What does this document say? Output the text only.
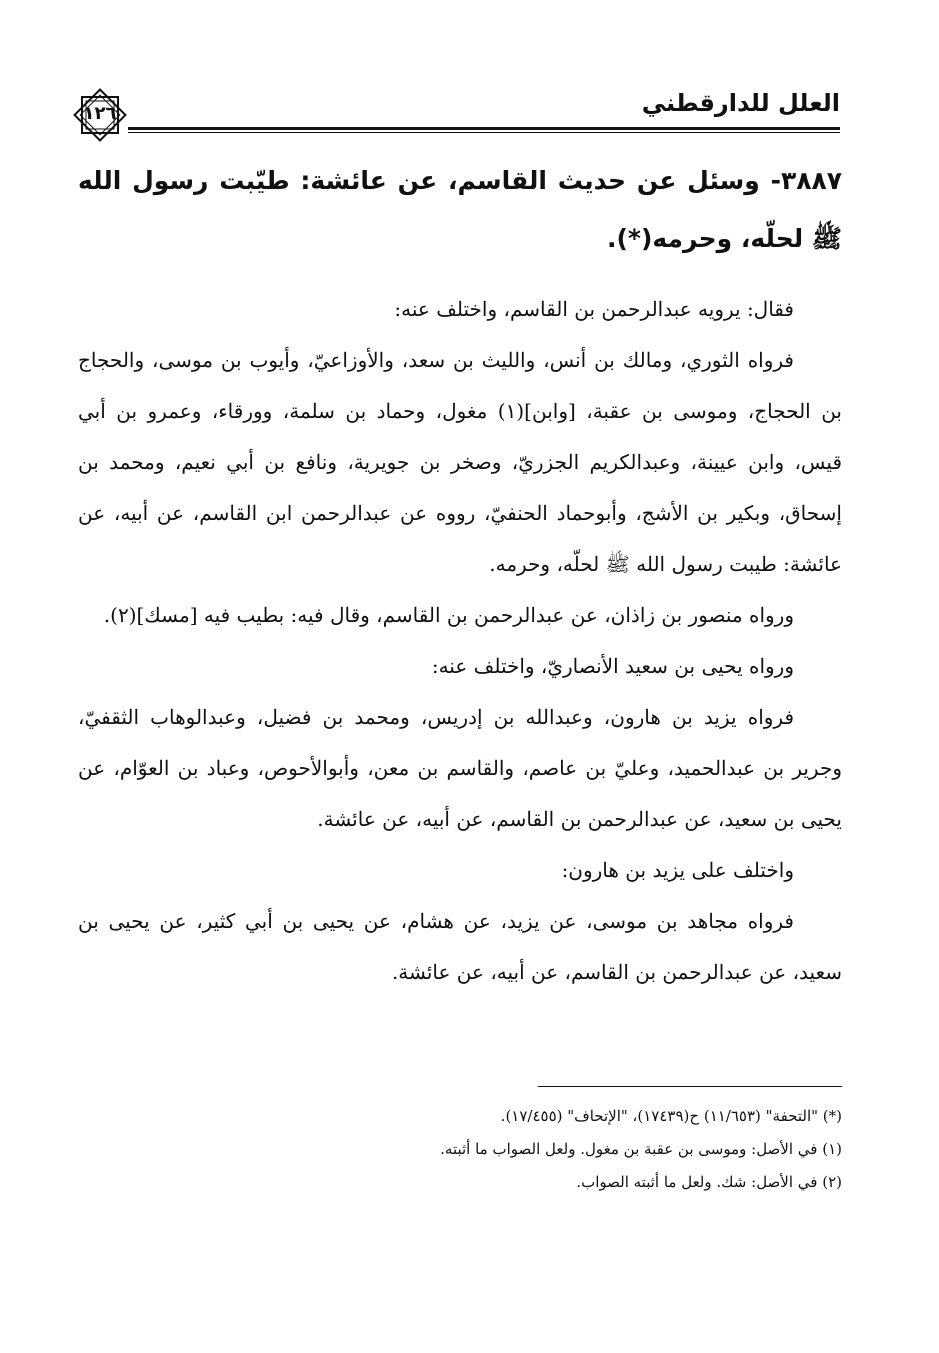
١٢٦	العلل للدارقطني
٣٨٨٧- وسئل عن حديث القاسم، عن عائشة: طيّبت رسول الله ﷺ لحلّه، وحرمه(*).

فقال: يرويه عبدالرحمن بن القاسم، واختلف عنه:

فرواه الثوري، ومالك بن أنس، والليث بن سعد، والأوزاعيّ، وأيوب بن موسى، والحجاج بن الحجاج، وموسى بن عقبة، [وابن](١) مغول، وحماد بن سلمة، وورقاء، وعمرو بن أبي قيس، وابن عيينة، وعبدالكريم الجزريّ، وصخر بن جويرية، ونافع بن أبي نعيم، ومحمد بن إسحاق، وبكير بن الأشج، وأبوحماد الحنفيّ، رووه عن عبدالرحمن ابن القاسم، عن أبيه، عن عائشة: طيبت رسول الله ﷺ لحلّه، وحرمه.

ورواه منصور بن زاذان، عن عبدالرحمن بن القاسم، وقال فيه: بطيب فيه [مسك](٢).

ورواه يحيى بن سعيد الأنصاريّ، واختلف عنه:

فرواه يزيد بن هارون، وعبدالله بن إدريس، ومحمد بن فضيل، وعبدالوهاب الثقفيّ، وجرير بن عبدالحميد، وعليّ بن عاصم، والقاسم بن معن، وأبوالأحوص، وعباد بن العوّام، عن يحيى بن سعيد، عن عبدالرحمن بن القاسم، عن أبيه، عن عائشة.

واختلف على يزيد بن هارون:

فرواه مجاهد بن موسى، عن يزيد، عن هشام، عن يحيى بن أبي كثير، عن يحيى بن سعيد، عن عبدالرحمن بن القاسم، عن أبيه، عن عائشة.

(*) "التحفة" (١١/٦٥٣) ح(١٧٤٣٩)، "الإتحاف" (١٧/٤٥٥).

(١) في الأصل: وموسى بن عقبة بن مغول. ولعل الصواب ما أثبته.

(٢) في الأصل: شك. ولعل ما أثبته الصواب.
